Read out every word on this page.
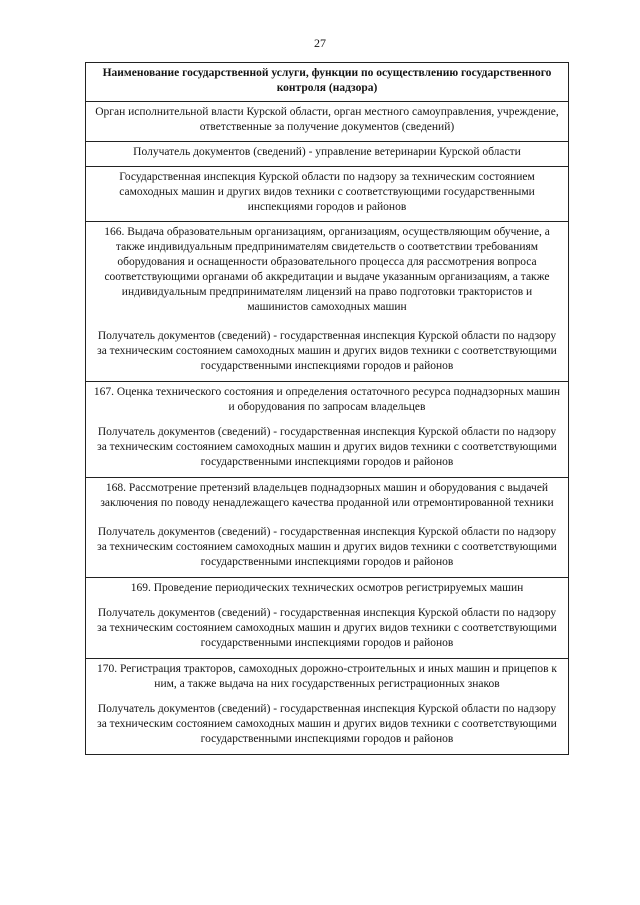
27

Наименование государственной услуги, функции по осуществлению государственного контроля (надзора)

Орган исполнительной власти Курской области, орган местного самоуправления, учреждение, ответственные за получение документов (сведений)

Получатель документов (сведений) - управление ветеринарии Курской области

Государственная инспекция Курской области по надзору за техническим состоянием самоходных машин и других видов техники с соответствующими государственными инспекциями городов и районов

166. Выдача образовательным организациям, организациям, осуществляющим обучение, а также индивидуальным предпринимателям свидетельств о соответствии требованиям оборудования и оснащенности образовательного процесса для рассмотрения вопроса соответствующими органами об аккредитации и выдаче указанным организациям, а также индивидуальным предпринимателям лицензий на право подготовки трактористов и машинистов самоходных машин

Получатель документов (сведений) - государственная инспекция Курской области по надзору за техническим состоянием самоходных машин и других видов техники с соответствующими государственными инспекциями городов и районов

167. Оценка технического состояния и определения остаточного ресурса поднадзорных машин и оборудования по запросам владельцев

Получатель документов (сведений) - государственная инспекция Курской области по надзору за техническим состоянием самоходных машин и других видов техники с соответствующими государственными инспекциями городов и районов

168. Рассмотрение претензий владельцев поднадзорных машин и оборудования с выдачей заключения по поводу ненадлежащего качества проданной или отремонтированной техники

Получатель документов (сведений) - государственная инспекция Курской области по надзору за техническим состоянием самоходных машин и других видов техники с соответствующими государственными инспекциями городов и районов

169. Проведение периодических технических осмотров регистрируемых машин

Получатель документов (сведений) - государственная инспекция Курской области по надзору за техническим состоянием самоходных машин и других видов техники с соответствующими государственными инспекциями городов и районов

170. Регистрация тракторов, самоходных дорожно-строительных и иных машин и прицепов к ним, а также выдача на них государственных регистрационных знаков

Получатель документов (сведений) - государственная инспекция Курской области по надзору за техническим состоянием самоходных машин и других видов техники с соответствующими государственными инспекциями городов и районов
